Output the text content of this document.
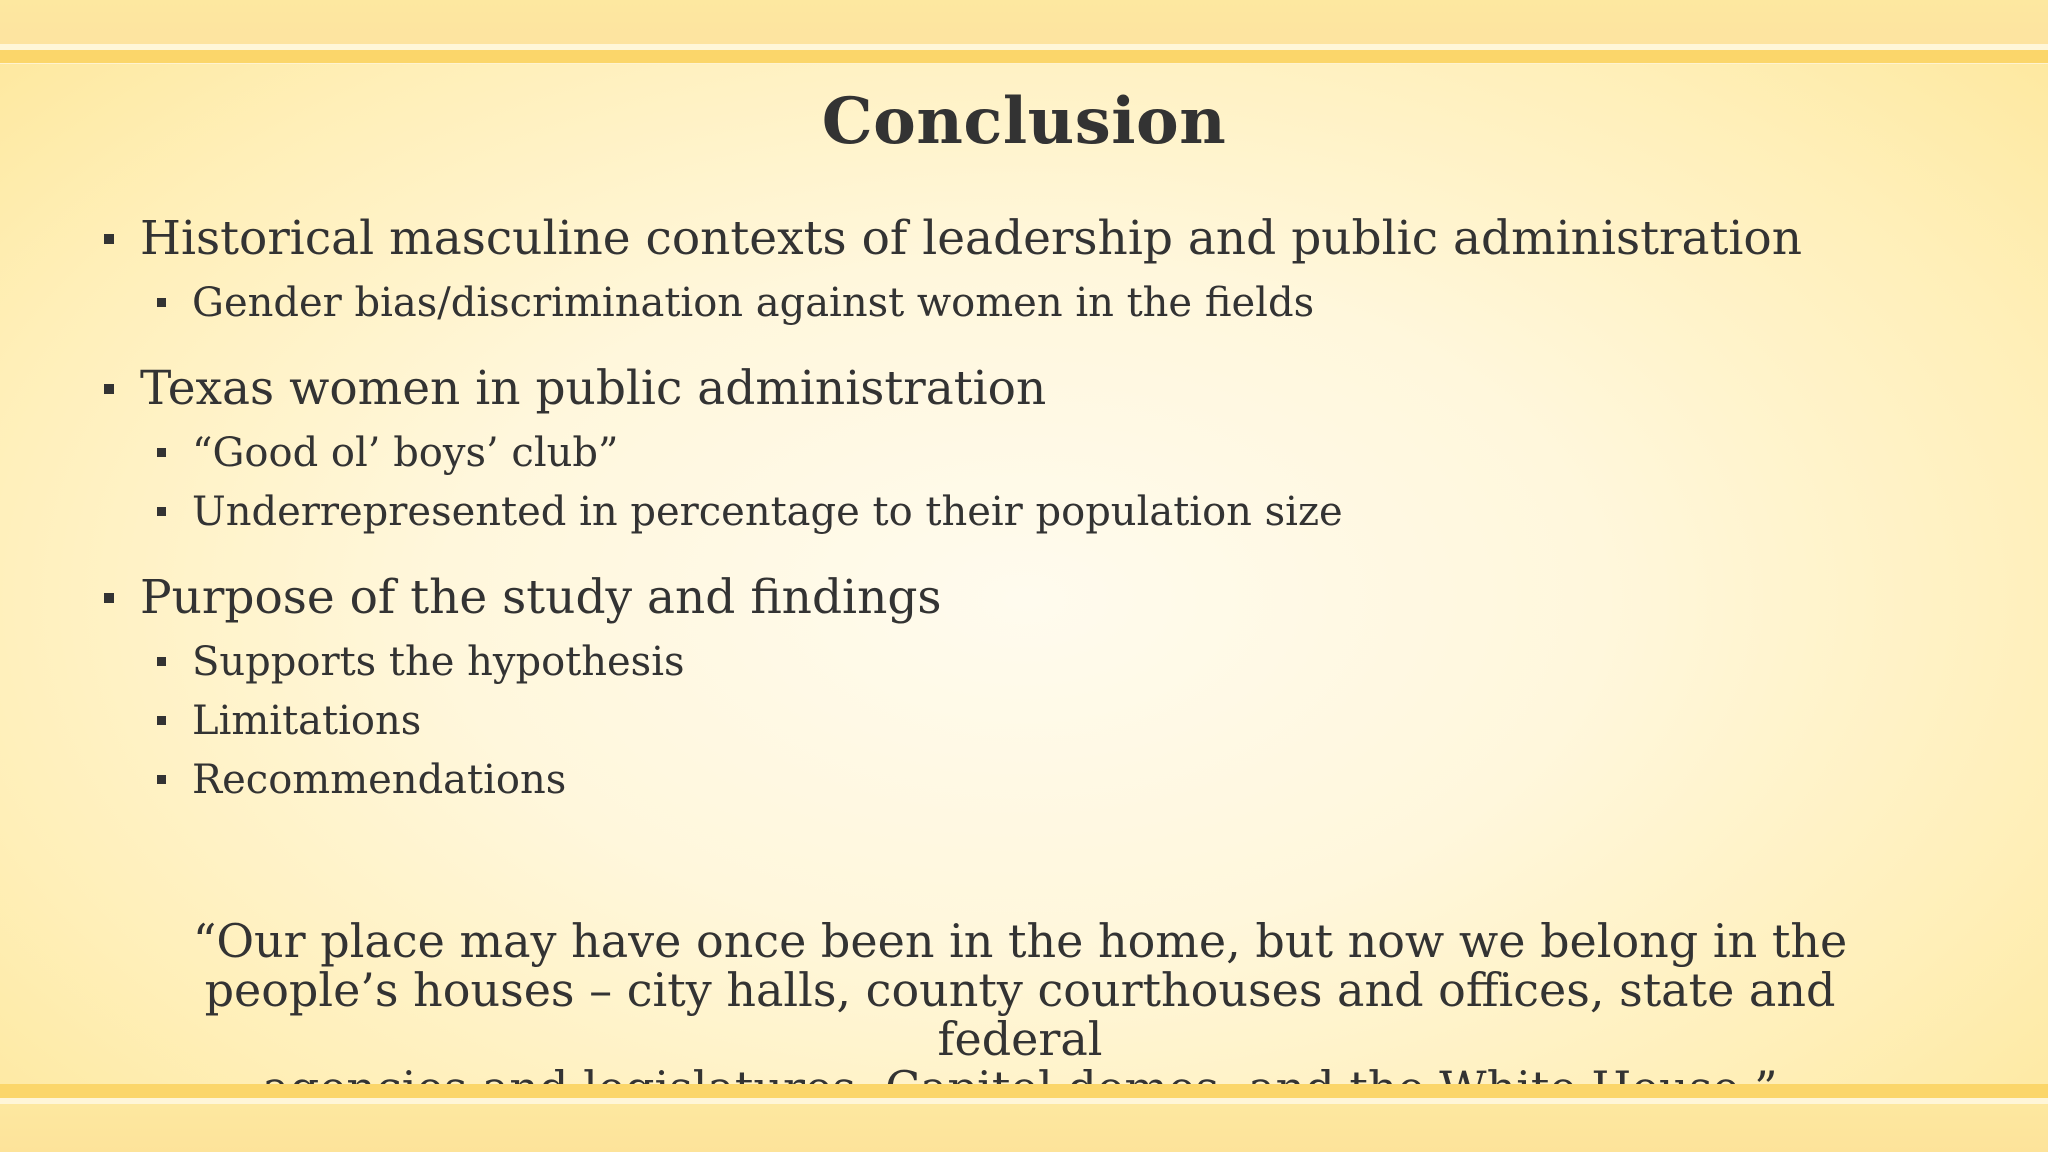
Conclusion
Historical masculine contexts of leadership and public administration
Gender bias/discrimination against women in the fields
Texas women in public administration
“Good ol’ boys’ club”
Underrepresented in percentage to their population size
Purpose of the study and findings
Supports the hypothesis
Limitations
Recommendations
“Our place may have once been in the home, but now we belong in the
people’s houses – city halls, county courthouses and offices, state and federal
